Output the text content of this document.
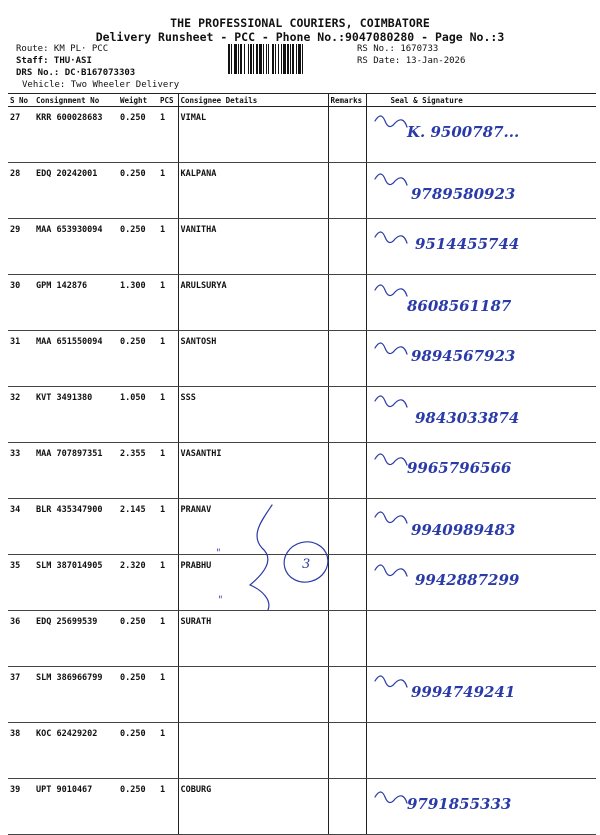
THE PROFESSIONAL COURIERS, COIMBATORE
Delivery Runsheet - PCC - Phone No.:9047080280 - Page No.:3
Route: KM PL· PCC
Staff: THU·ASI
DRS No.: DC·B167073303
Vehicle: Two Wheeler Delivery
RS No.: 1670733
RS Date: 13-Jan-2026
S No	Consignment No	Weight	PCS	Consignee Details	Remarks	Seal & Signature
27	KRR 600028683	0.250	1	VIMAL		K. 9500787...

28	EDQ 20242001	0.250	1	KALPANA		9789580923

29	MAA 653930094	0.250	1	VANITHA		9514455744

30	GPM 142876	1.300	1	ARULSURYA		8608561187

31	MAA 651550094	0.250	1	SANTOSH		9894567923

32	KVT 3491380	1.050	1	SSS		9843033874

33	MAA 707897351	2.355	1	VASANTHI		9965796566

34	BLR 435347900	2.145	1	PRANAV		9940989483

35	SLM 387014905	2.320	1	PRABHU		9942887299

36	EDQ 25699539	0.250	1	SURATH		
37	SLM 386966799	0.250	1			9994749241

38	KOC 62429202	0.250	1			
39	UPT 9010467	0.250	1	COBURG		9791855333
3
"
"
